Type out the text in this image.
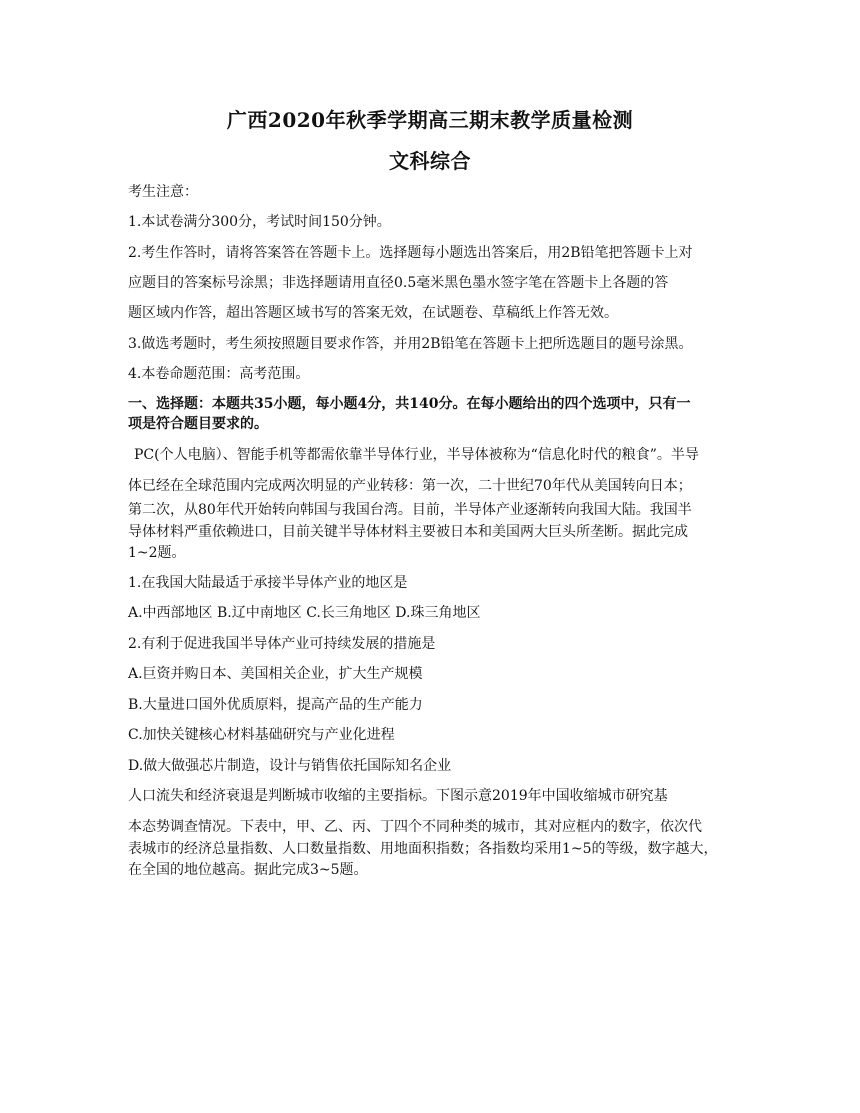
广西2020年秋季学期高三期末教学质量检测
文科综合
考生注意：
1.本试卷满分300分，考试时间150分钟。
2.考生作答时，请将答案答在答题卡上。选择题每小题选出答案后，用2B铅笔把答题卡上对
应题目的答案标号涂黑；非选择题请用直径0.5毫米黑色墨水签字笔在答题卡上各题的答
题区域内作答，超出答题区域书写的答案无效，在试题卷、草稿纸上作答无效。
3.做选考题时，考生须按照题目要求作答，并用2B铅笔在答题卡上把所选题目的题号涂黑。
4.本卷命题范围：高考范围。
一、选择题：本题共35小题，每小题4分，共140分。在每小题给出的四个选项中，只有一
项是符合题目要求的。
PC(个人电脑）、智能手机等都需依靠半导体行业，半导体被称为“信息化时代的粮食”。半导
体已经在全球范围内完成两次明显的产业转移：第一次，二十世纪70年代从美国转向日本；
第二次，从80年代开始转向韩国与我国台湾。目前，半导体产业逐渐转向我国大陆。我国半
导体材料严重依赖进口，目前关键半导体材料主要被日本和美国两大巨头所垄断。据此完成
1~2题。
1.在我国大陆最适于承接半导体产业的地区是
A.中西部地区 B.辽中南地区 C.长三角地区 D.珠三角地区
2.有利于促进我国半导体产业可持续发展的措施是
A.巨资并购日本、美国相关企业，扩大生产规模
B.大量进口国外优质原料，提高产品的生产能力
C.加快关键核心材料基础研究与产业化进程
D.做大做强芯片制造，设计与销售依托国际知名企业
人口流失和经济衰退是判断城市收缩的主要指标。下图示意2019年中国收缩城市研究基
本态势调查情况。下表中，甲、乙、丙、丁四个不同种类的城市，其对应框内的数字，依次代
表城市的经济总量指数、人口数量指数、用地面积指数；各指数均采用1~5的等级，数字越大，
在全国的地位越高。据此完成3~5题。
